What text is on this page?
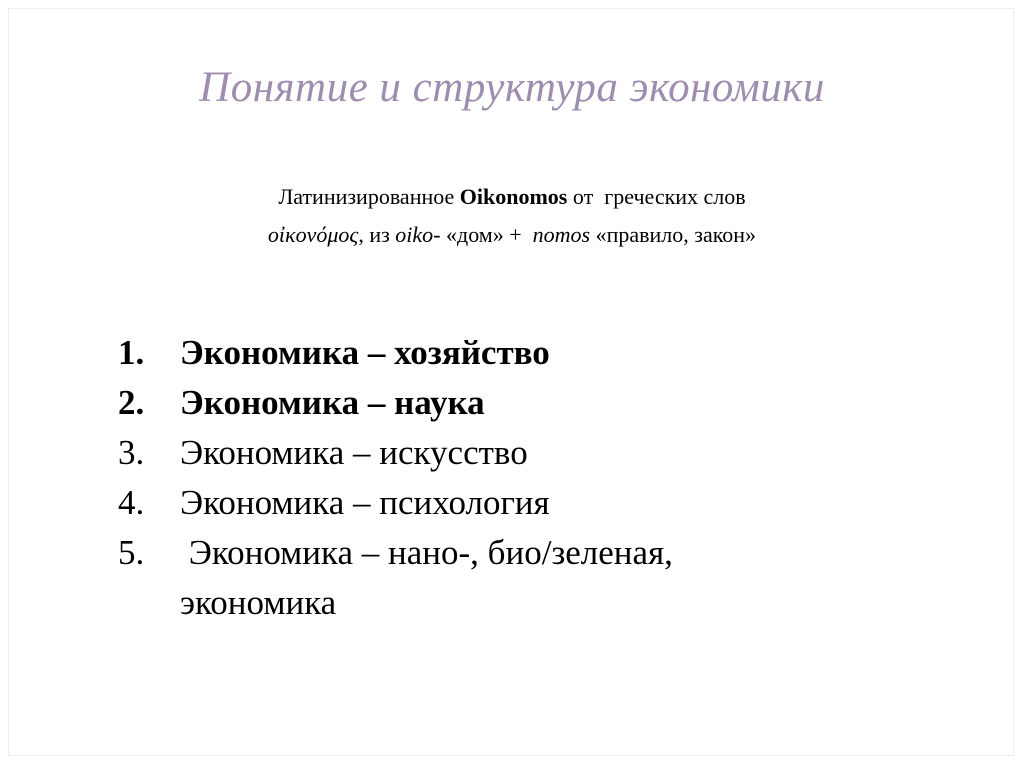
Понятие и структура экономики
Латинизированное Oikonomos от  греческих слов
οἰκονόμος, из oiko- «дом» +  nomos «правило, закон»
1.	Экономика – хозяйство
2.	Экономика – наука
3.	Экономика – искусство
4.	Экономика – психология
5.	Экономика – нано-, био/зеленая,
экономика
